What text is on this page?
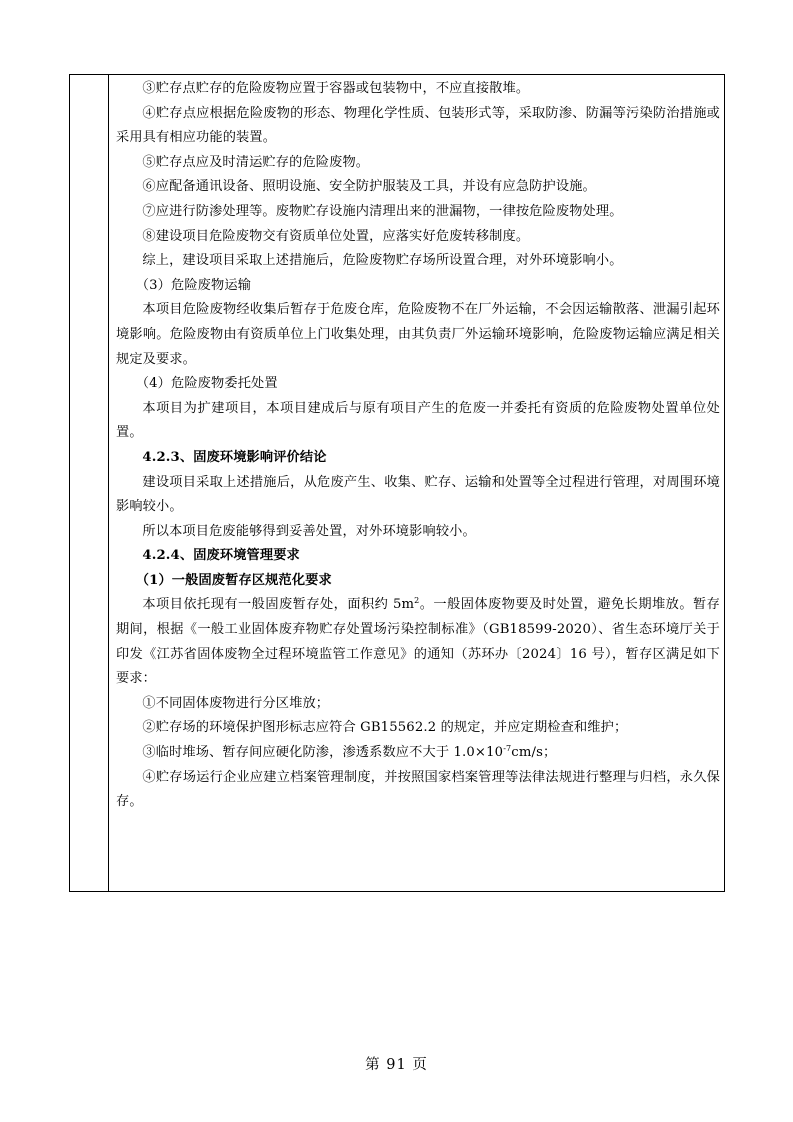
③贮存点贮存的危险废物应置于容器或包装物中，不应直接散堆。

④贮存点应根据危险废物的形态、物理化学性质、包装形式等，采取防渗、防漏等污染防治措施或采用具有相应功能的装置。

⑤贮存点应及时清运贮存的危险废物。

⑥应配备通讯设备、照明设施、安全防护服装及工具，并设有应急防护设施。

⑦应进行防渗处理等。废物贮存设施内清理出来的泄漏物，一律按危险废物处理。

⑧建设项目危险废物交有资质单位处置，应落实好危废转移制度。

综上，建设项目采取上述措施后，危险废物贮存场所设置合理，对外环境影响小。

（3）危险废物运输

本项目危险废物经收集后暂存于危废仓库，危险废物不在厂外运输，不会因运输散落、泄漏引起环境影响。危险废物由有资质单位上门收集处理，由其负责厂外运输环境影响，危险废物运输应满足相关规定及要求。

（4）危险废物委托处置

本项目为扩建项目，本项目建成后与原有项目产生的危废一并委托有资质的危险废物处置单位处置。

4.2.3、固废环境影响评价结论

建设项目采取上述措施后，从危废产生、收集、贮存、运输和处置等全过程进行管理，对周围环境影响较小。

所以本项目危废能够得到妥善处置，对外环境影响较小。

4.2.4、固废环境管理要求

（1）一般固废暂存区规范化要求

本项目依托现有一般固废暂存处，面积约 $5m^2$。一般固体废物要及时处置，避免长期堆放。暂存期间，根据《一般工业固体废弃物贮存处置场污染控制标准》（GB18599-2020）、省生态环境厅关于印发《江苏省固体废物全过程环境监管工作意见》的通知（苏环办〔2024〕16 号），暂存区满足如下要求：

①不同固体废物进行分区堆放；

②贮存场的环境保护图形标志应符合 GB15562.2 的规定，并应定期检查和维护；

③临时堆场、暂存间应硬化防渗，渗透系数应不大于 $1.0\times 10^{-7}cm/s$；

④贮存场运行企业应建立档案管理制度，并按照国家档案管理等法律法规进行整理与归档，永久保存。

第 91 页
